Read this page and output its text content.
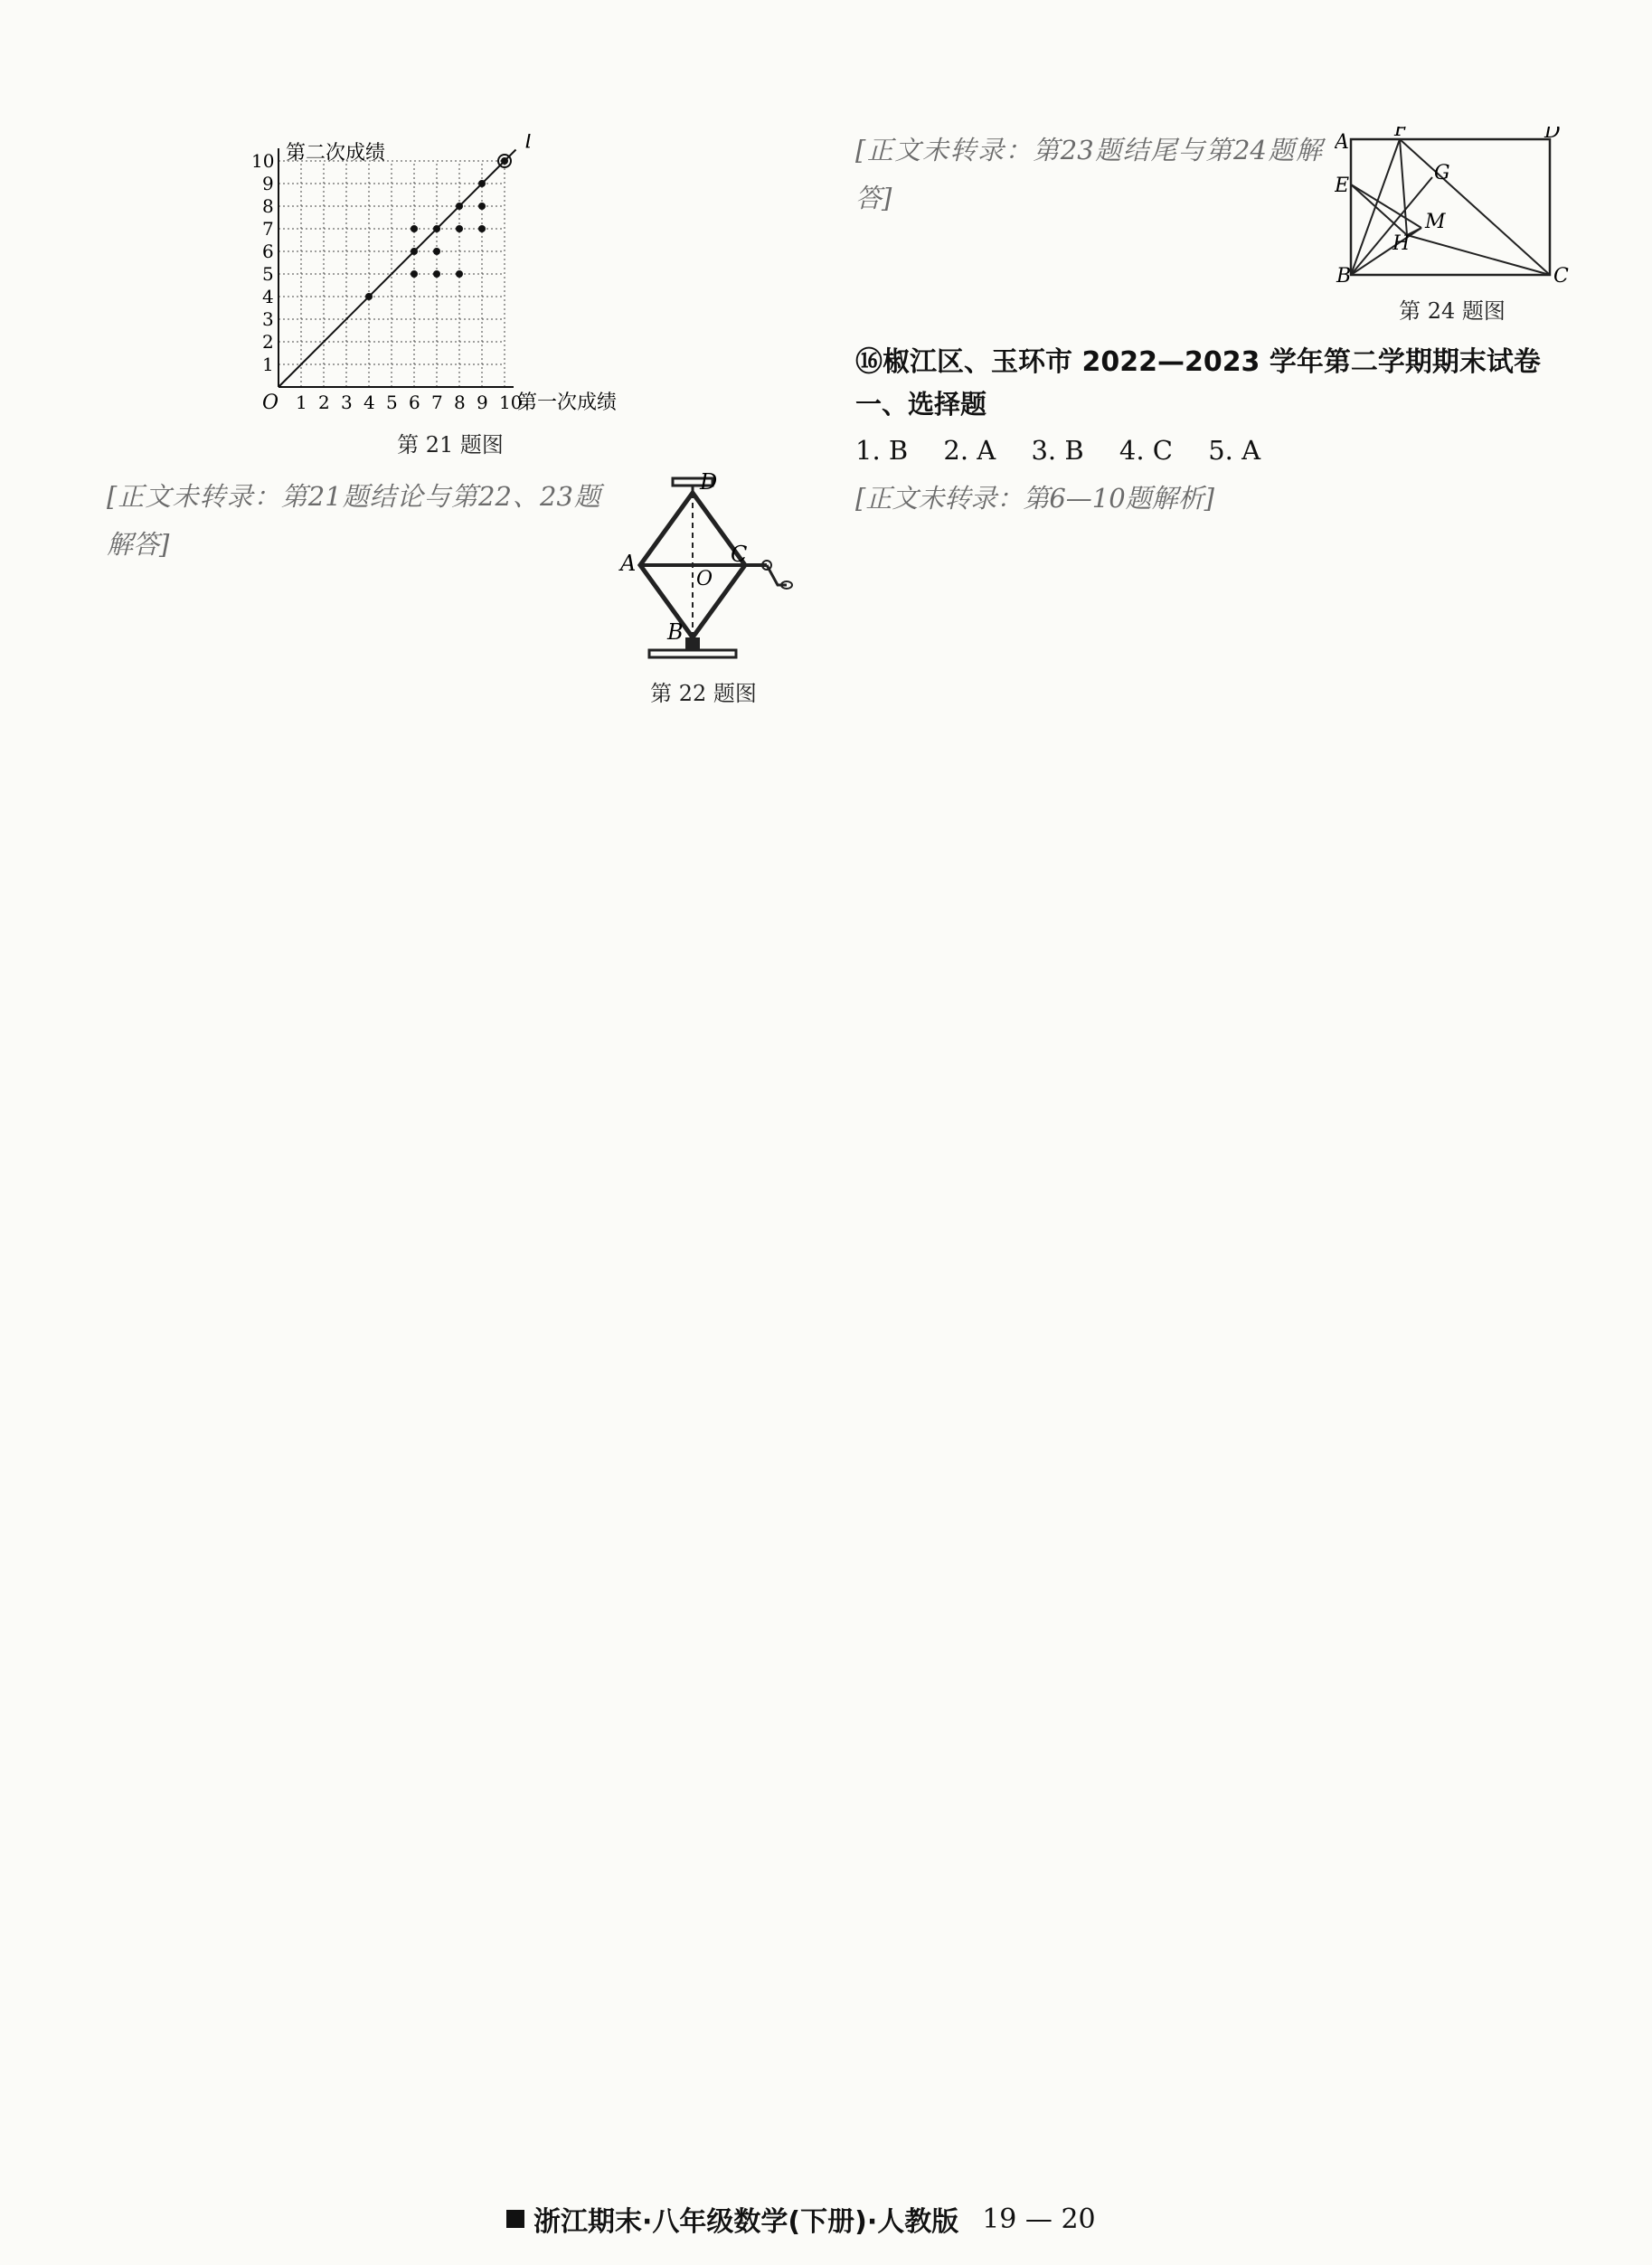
1 2 3 4 5 6 7 8 9 10
1
2
3
4
5
6
7
8
9
10
O	第一次成绩
第二次成绩	l
第 21 题图
D
A	C
O
B
第 22 题图

[正文未转录：第21题结论与第22、23题解答]

A
B	C
D
E
F
G
H
M
第 24 题图

[正文未转录：第23题结尾与第24题解答]

⑯椒江区、玉环市 2022—2023 学年第二学期期末试卷
一、选择题
1. B 2. A 3. B 4. C 5. A

[正文未转录：第6—10题解析]

浙江期末·八年级数学(下册)·人教版 19 — 20
